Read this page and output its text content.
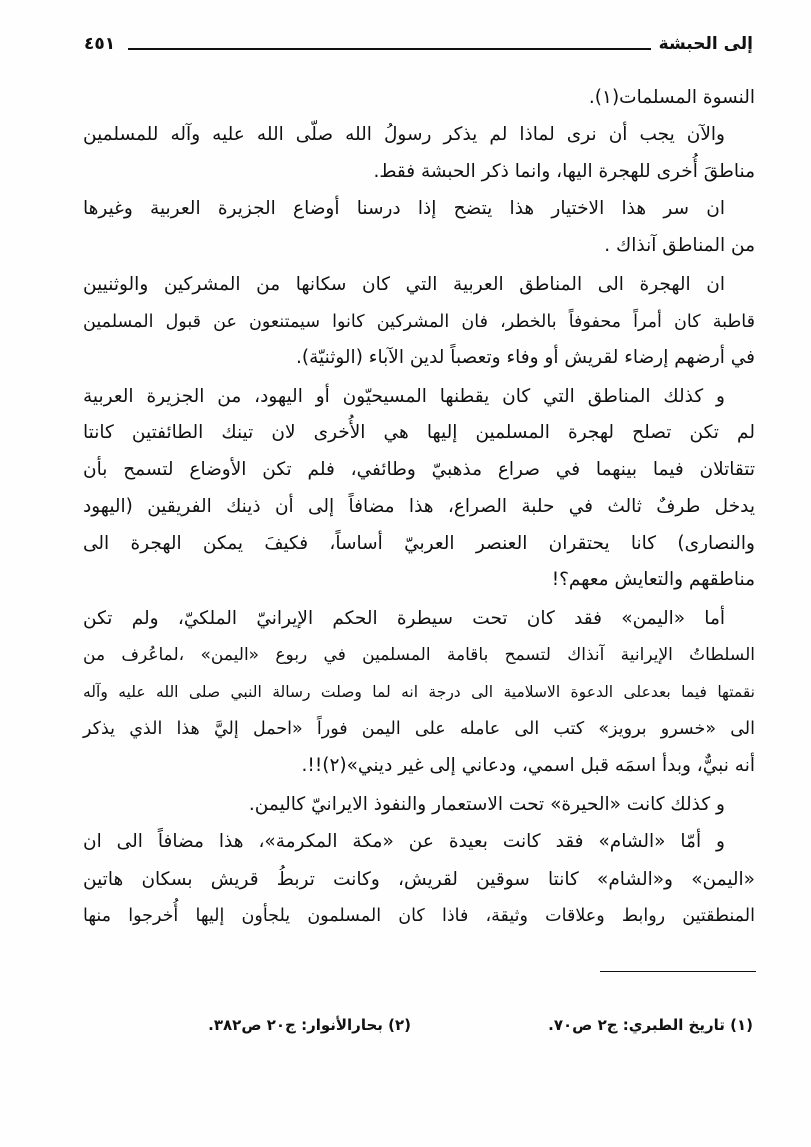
إلى الحبشة
٤٥١
النسوة المسلمات(١).
والآن يجب أن نرى لماذا لم يذكر رسولُ الله صلّى الله عليه وآله للمسلمين
مناطقَ أُخرى للهجرة اليها، وانما ذكر الحبشة فقط.
ان سر هذا الاختيار هذا يتضح إذا درسنا أوضاع الجزيرة العربية وغيرها
من المناطق آنذاك .
ان الهجرة الى المناطق العربية التي كان سكانها من المشركين والوثنيين
قاطبة كان أمراً محفوفاً بالخطر، فان المشركين كانوا سيمتنعون عن قبول المسلمين
في أرضهم إرضاء لقريش أو وفاء وتعصباً لدين الآباء (الوثنيّة).
و كذلك المناطق التي كان يقطنها المسيحيّون أو اليهود، من الجزيرة العربية
لم تكن تصلح لهجرة المسلمين إليها هي الأُخرى لان تينك الطائفتين كانتا
تتقاتلان فيما بينهما في صراع مذهبيّ وطائفي، فلم تكن الأوضاع لتسمح بأن
يدخل طرفٌ ثالث في حلبة الصراع، هذا مضافاً إلى أن ذينك الفريقين (اليهود
والنصارى) كانا يحتقران العنصر العربيّ أساساً، فكيفَ يمكن الهجرة الى
مناطقهم والتعايش معهم؟!
أما «اليمن» فقد كان تحت سيطرة الحكم الإيرانيّ الملكيّ، ولم تكن
السلطاتُ الإيرانية آنذاك لتسمح باقامة المسلمين في ربوع «اليمن» ،لماعُرف من
نقمتها فيما بعدعلى الدعوة الاسلامية الى درجة انه لما وصلت رسالة النبي صلى الله عليه وآله
الى «خسرو برويز» كتب الى عامله على اليمن فوراً «احمل إليَّ هذا الذي يذكر
أنه نبيٌّ، وبدأ اسمَه قبل اسمي، ودعاني إلى غير ديني»(٢)!!.
و كذلك كانت «الحيرة» تحت الاستعمار والنفوذ الايرانيّ كاليمن.
و أمّا «الشام» فقد كانت بعيدة عن «مكة المكرمة»، هذا مضافاً الى ان
«اليمن» و«الشام» كانتا سوقين لقريش، وكانت تربطُ قريش بسكان هاتين
المنطقتين روابط وعلاقات وثيقة، فاذا كان المسلمون يلجأون إليها أُخرجوا منها
(١) تاريخ الطبري: ج٢ ص٧٠.
(٢) بحارالأنوار: ج٢٠ ص٣٨٢.
